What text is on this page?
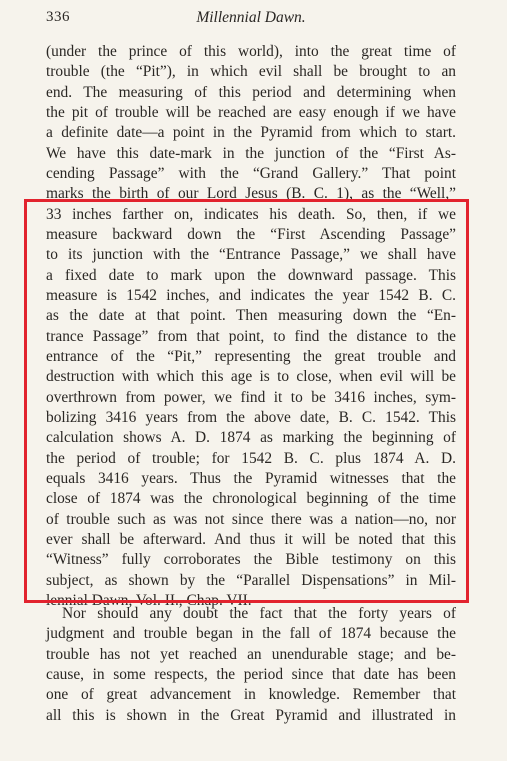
336	Millennial Dawn.
(under the prince of this world), into the great time of
trouble (the “Pit”), in which evil shall be brought to an
end. The measuring of this period and determining when
the pit of trouble will be reached are easy enough if we have
a definite date—a point in the Pyramid from which to start.
We have this date-mark in the junction of the “First As-
cending Passage” with the “Grand Gallery.” That point
marks the birth of our Lord Jesus (B. C. 1), as the “Well,”
33 inches farther on, indicates his death. So, then, if we
measure backward down the “First Ascending Passage”
to its junction with the “Entrance Passage,” we shall have
a fixed date to mark upon the downward passage. This
measure is 1542 inches, and indicates the year 1542 B. C.
as the date at that point. Then measuring down the “En-
trance Passage” from that point, to find the distance to the
entrance of the “Pit,” representing the great trouble and
destruction with which this age is to close, when evil will be
overthrown from power, we find it to be 3416 inches, sym-
bolizing 3416 years from the above date, B. C. 1542. This
calculation shows A. D. 1874 as marking the beginning of
the period of trouble; for 1542 B. C. plus 1874 A. D.
equals 3416 years. Thus the Pyramid witnesses that the
close of 1874 was the chronological beginning of the time
of trouble such as was not since there was a nation—no, nor
ever shall be afterward. And thus it will be noted that this
“Witness” fully corroborates the Bible testimony on this
subject, as shown by the “Parallel Dispensations” in Mil-
lennial Dawn, Vol. II., Chap. VII.
Nor should any doubt the fact that the forty years of
judgment and trouble began in the fall of 1874 because the
trouble has not yet reached an unendurable stage; and be-
cause, in some respects, the period since that date has been
one of great advancement in knowledge. Remember that
all this is shown in the Great Pyramid and illustrated in
